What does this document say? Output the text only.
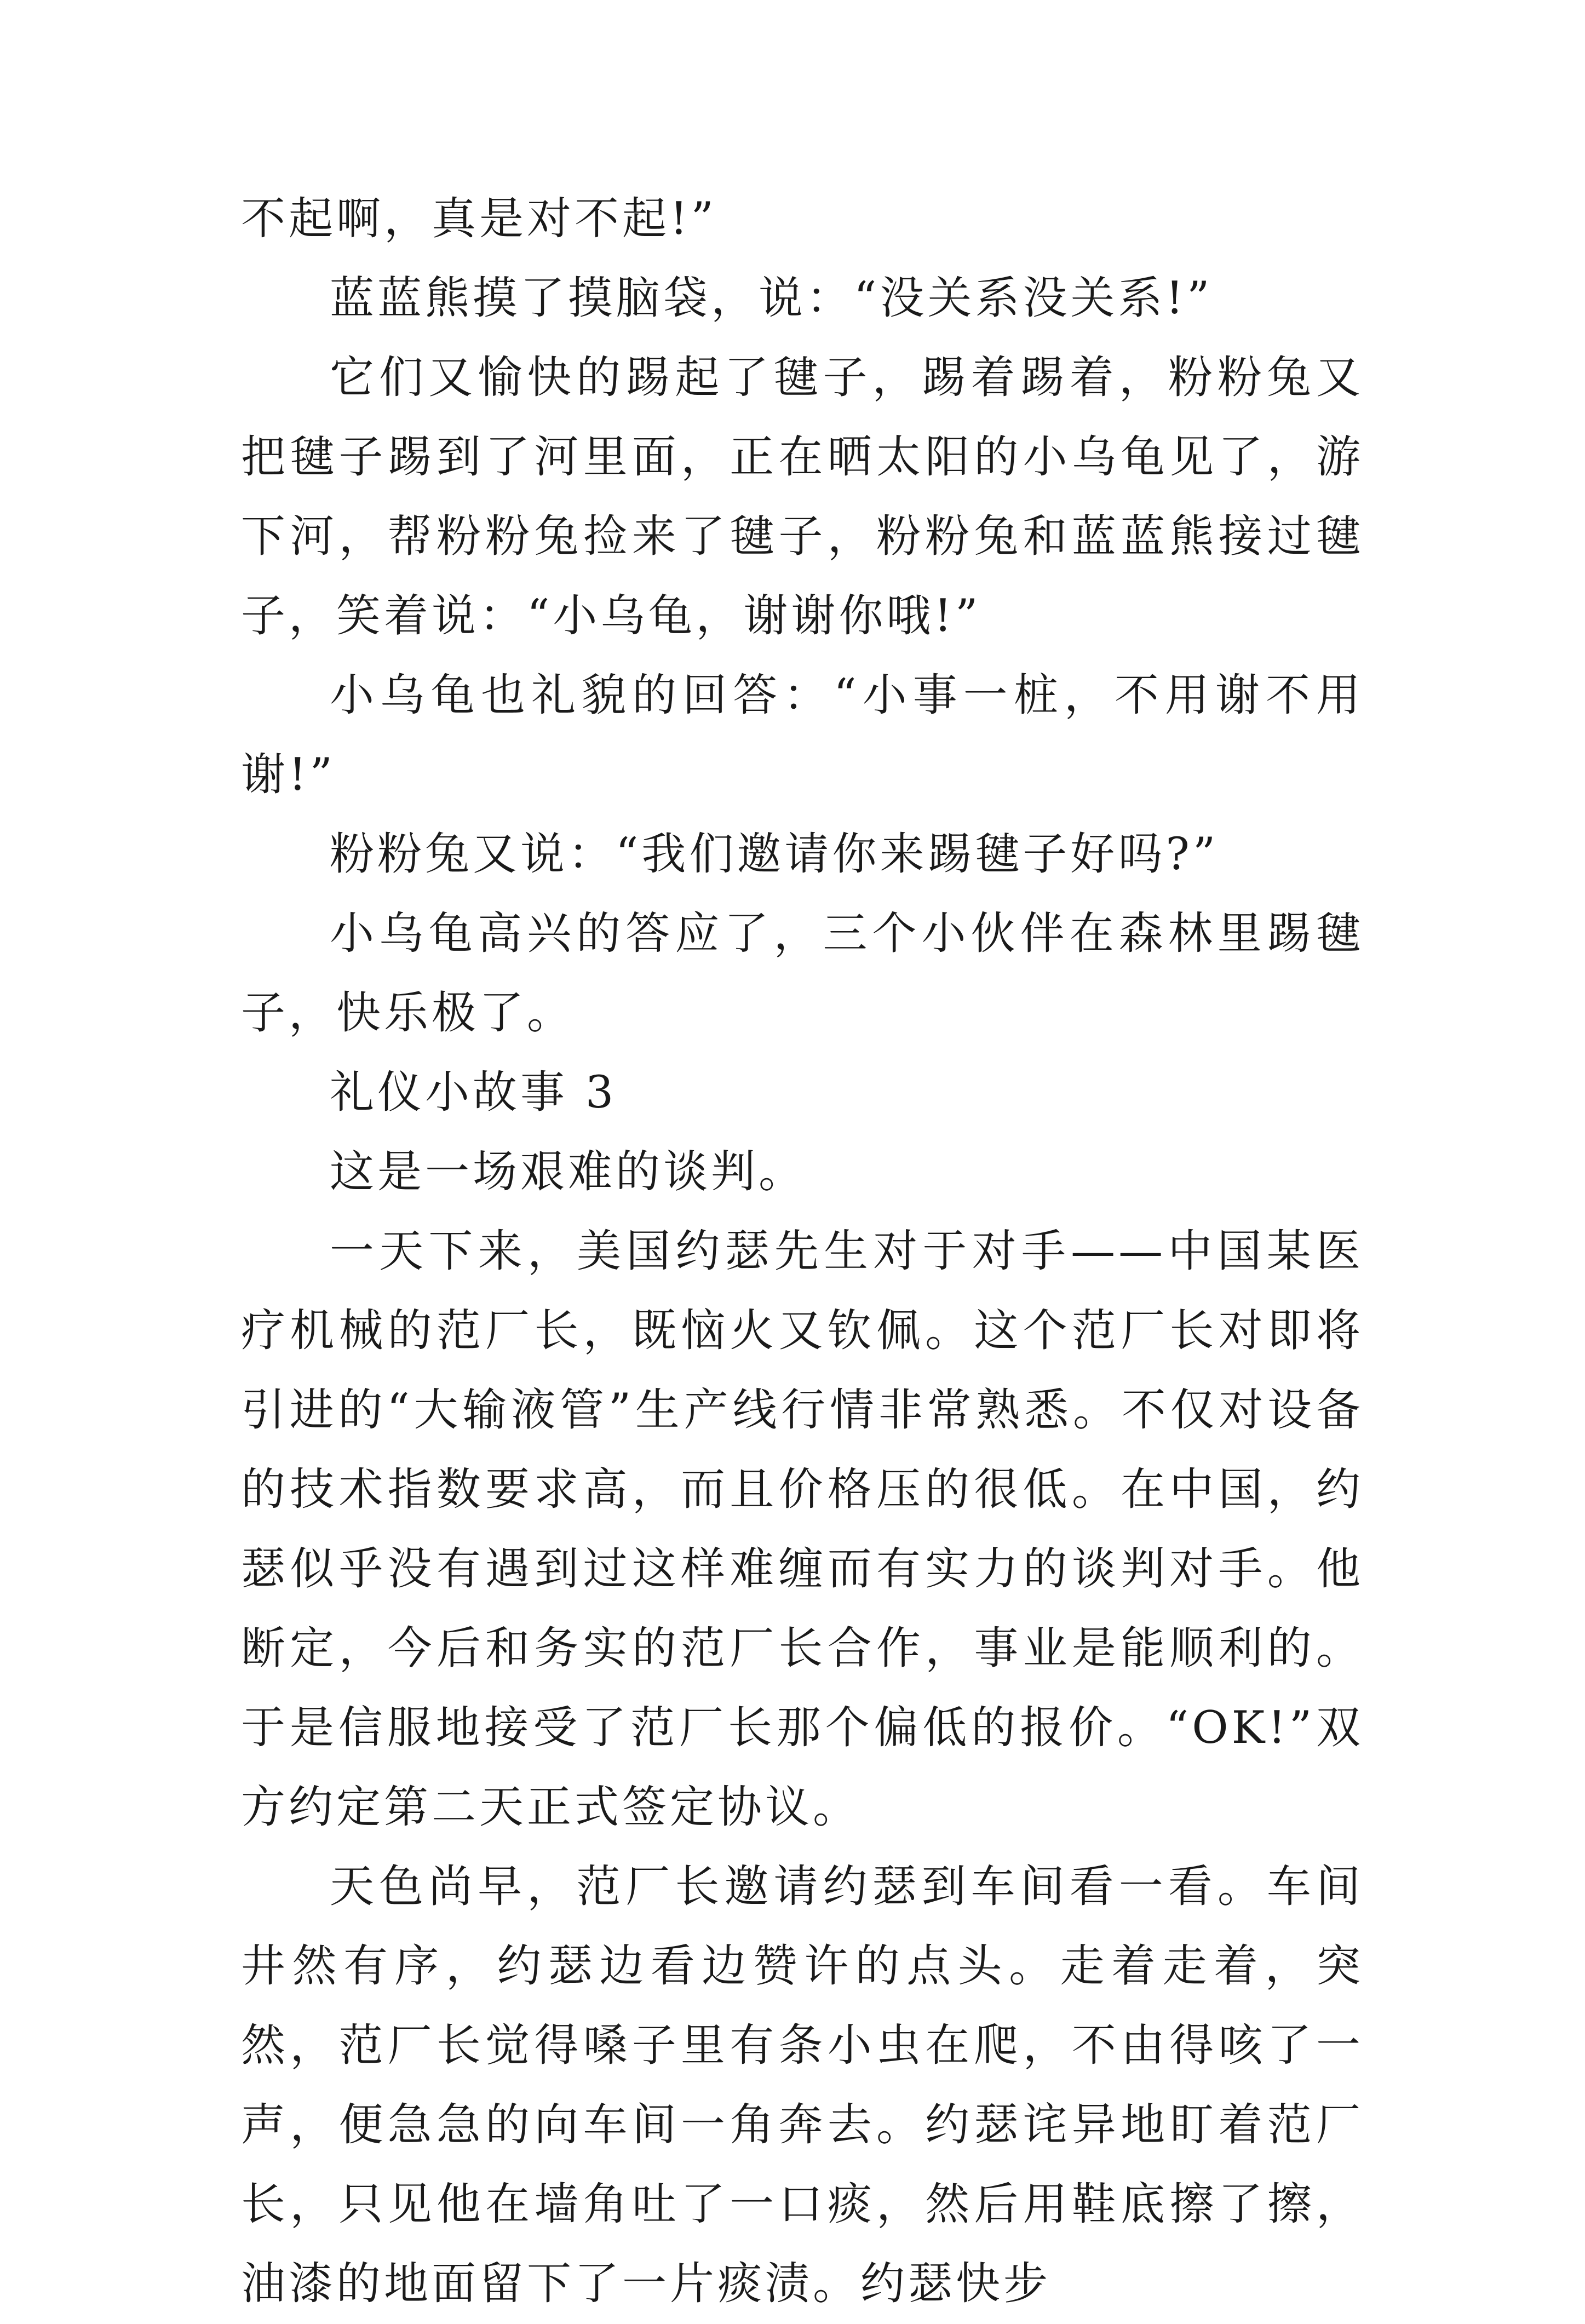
不起啊，真是对不起!”

蓝蓝熊摸了摸脑袋，说：“没关系没关系!”

它们又愉快的踢起了毽子，踢着踢着，粉粉兔又把毽子踢到了河里面，正在晒太阳的小乌龟见了，游下河，帮粉粉兔捡来了毽子，粉粉兔和蓝蓝熊接过毽子，笑着说：“小乌龟，谢谢你哦!”

小乌龟也礼貌的回答：“小事一桩，不用谢不用谢!”

粉粉兔又说：“我们邀请你来踢毽子好吗?”

小乌龟高兴的答应了，三个小伙伴在森林里踢毽子，快乐极了。

礼仪小故事 3

这是一场艰难的谈判。

一天下来，美国约瑟先生对于对手——中国某医疗机械的范厂长，既恼火又钦佩。这个范厂长对即将引进的“大输液管”生产线行情非常熟悉。不仅对设备的技术指数要求高，而且价格压的很低。在中国，约瑟似乎没有遇到过这样难缠而有实力的谈判对手。他断定，今后和务实的范厂长合作，事业是能顺利的。于是信服地接受了范厂长那个偏低的报价。“OK!”双方约定第二天正式签定协议。

天色尚早，范厂长邀请约瑟到车间看一看。车间井然有序，约瑟边看边赞许的点头。走着走着，突然，范厂长觉得嗓子里有条小虫在爬，不由得咳了一声，便急急的向车间一角奔去。约瑟诧异地盯着范厂长，只见他在墙角吐了一口痰，然后用鞋底擦了擦，油漆的地面留下了一片痰渍。约瑟快步
